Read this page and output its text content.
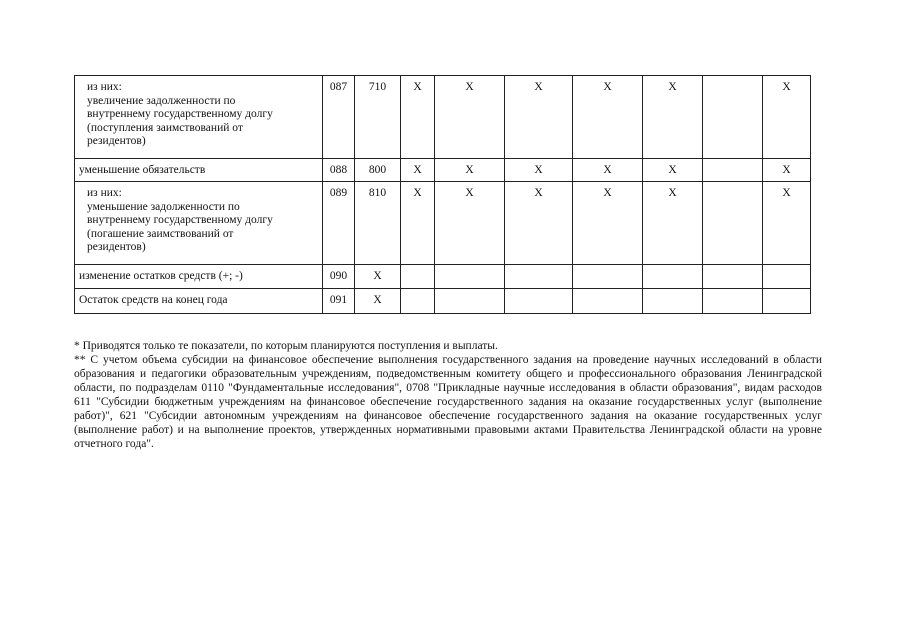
из них:
увеличение задолженности по
внутреннему государственному долгу
(поступления заимствований от
резидентов)	087	710	X	X	X	X	X		X

уменьшение обязательств	088	800	X	X	X	X	X		X

из них:
уменьшение задолженности по
внутреннему государственному долгу
(погашение заимствований от
резидентов)	089	810	X	X	X	X	X		X

изменение остатков средств (+; -)	090	X							

Остаток средств на конец года	091	X							

* Приводятся только те показатели, по которым планируются поступления и выплаты.

** С учетом объема субсидии на финансовое обеспечение выполнения государственного задания на проведение научных исследований в области образования и педагогики образовательным учреждениям, подведомственным комитету общего и профессионального образования Ленинградской области, по подразделам 0110 "Фундаментальные исследования", 0708 "Прикладные научные исследования в области образования", видам расходов 611 "Субсидии бюджетным учреждениям на финансовое обеспечение государственного задания на оказание государственных услуг (выполнение работ)", 621 "Субсидии автономным учреждениям на финансовое обеспечение государственного задания на оказание государственных услуг (выполнение работ) и на выполнение проектов, утвержденных нормативными правовыми актами Правительства Ленинградской области на уровне отчетного года".
